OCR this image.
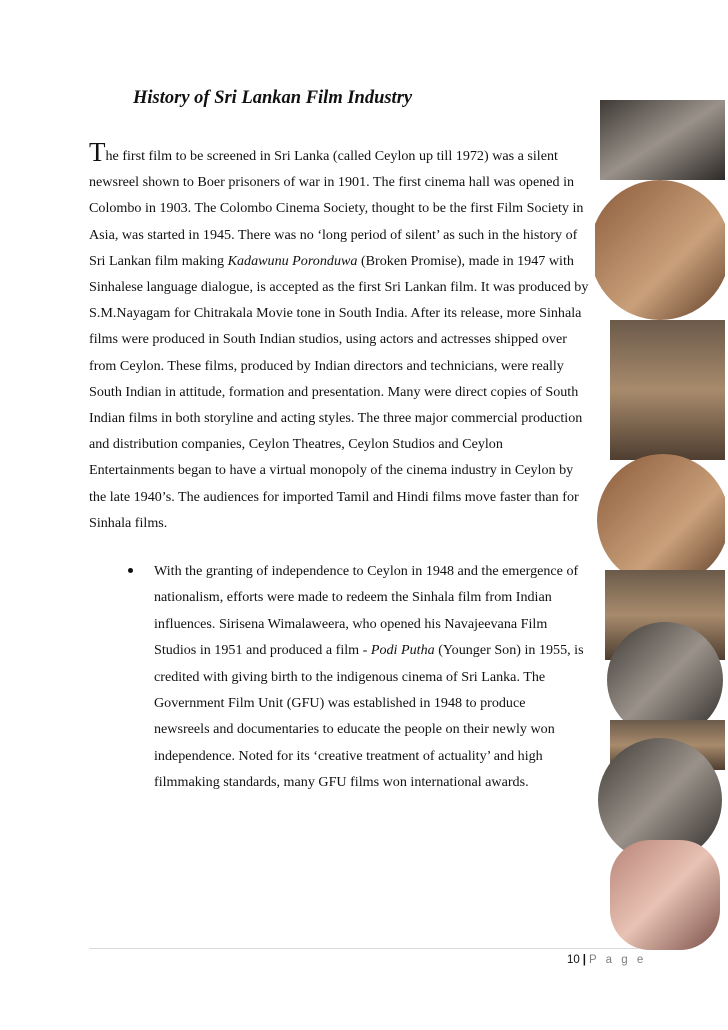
History of Sri Lankan Film Industry

The first film to be screened in Sri Lanka (called Ceylon up till 1972) was a silent newsreel shown to Boer prisoners of war in 1901. The first cinema hall was opened in Colombo in 1903. The Colombo Cinema Society, thought to be the first Film Society in Asia, was started in 1945. There was no ‘long period of silent’ as such in the history of Sri Lankan film making Kadawunu Poronduwa (Broken Promise), made in 1947 with Sinhalese language dialogue, is accepted as the first Sri Lankan film. It was produced by S.M.Nayagam for Chitrakala Movie tone in South India. After its release, more Sinhala films were produced in South Indian studios, using actors and actresses shipped over from Ceylon. These films, produced by Indian directors and technicians, were really South Indian in attitude, formation and presentation. Many were direct copies of South Indian films in both storyline and acting styles. The three major commercial production and distribution companies, Ceylon Theatres, Ceylon Studios and Ceylon Entertainments began to have a virtual monopoly of the cinema industry in Ceylon by the late 1940’s. The audiences for imported Tamil and Hindi films move faster than for Sinhala films.

With the granting of independence to Ceylon in 1948 and the emergence of nationalism, efforts were made to redeem the Sinhala film from Indian influences. Sirisena Wimalaweera, who opened his Navajeevana Film Studios in 1951 and produced a film - Podi Putha (Younger Son) in 1955, is credited with giving birth to the indigenous cinema of Sri Lanka. The Government Film Unit (GFU) was established in 1948 to produce newsreels and documentaries to educate the people on their newly won independence. Noted for its ‘creative treatment of actuality’ and high filmmaking standards, many GFU films won international awards.
10 | P a g e
